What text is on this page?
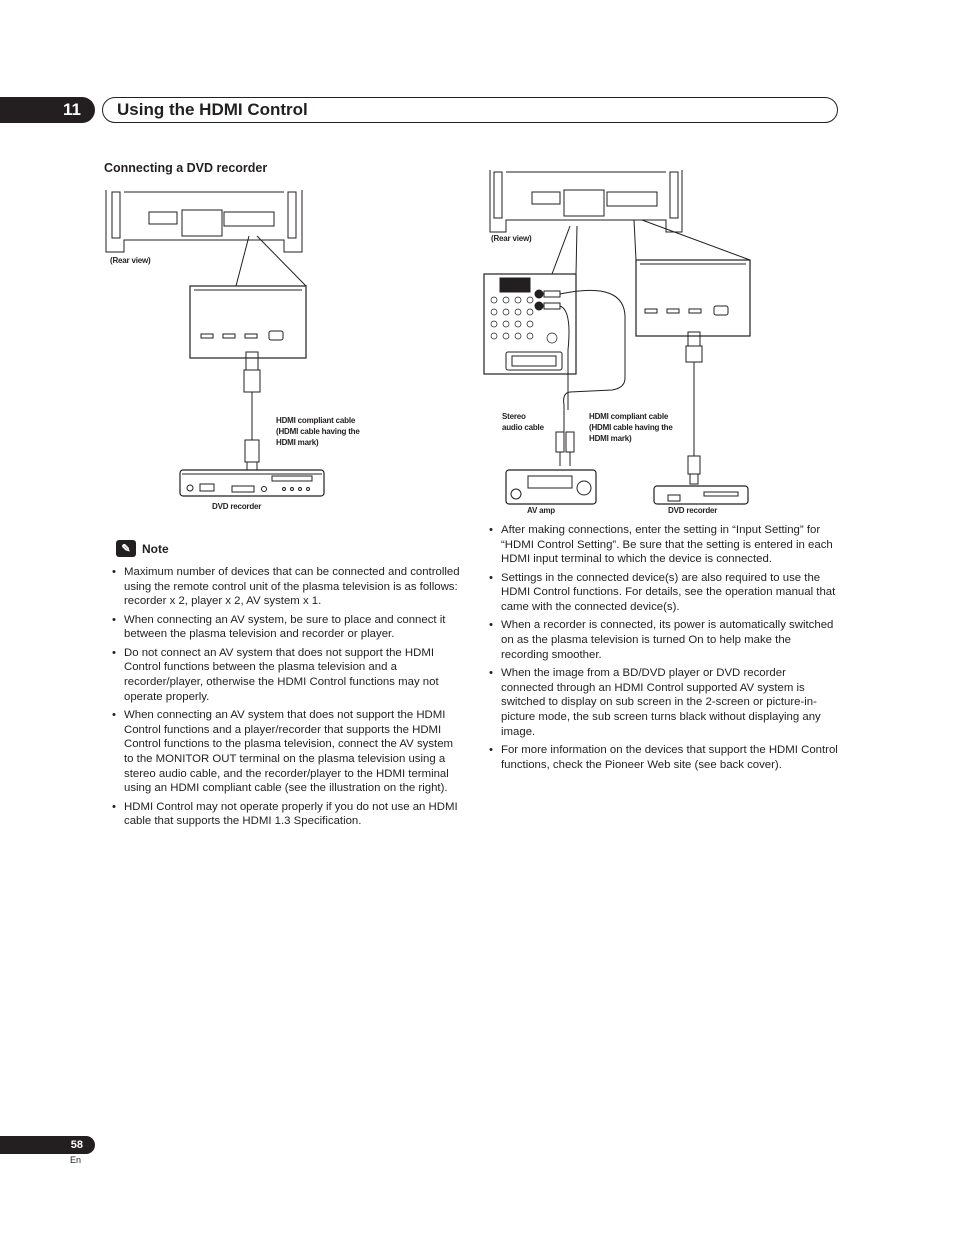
11 Using the HDMI Control
Connecting a DVD recorder
(Rear view)
HDMI compliant cable
(HDMI cable having the
HDMI mark)
DVD recorder
(Rear view)
Stereo
audio cable
HDMI compliant cable
(HDMI cable having the
HDMI mark)
AV amp	DVD recorder
✎ Note
• Maximum number of devices that can be connected and controlled using the remote control unit of the plasma television is as follows: recorder x 2, player x 2, AV system x 1.
• When connecting an AV system, be sure to place and connect it between the plasma television and recorder or player.
• Do not connect an AV system that does not support the HDMI Control functions between the plasma television and a recorder/player, otherwise the HDMI Control functions may not operate properly.
• When connecting an AV system that does not support the HDMI Control functions and a player/recorder that supports the HDMI Control functions to the plasma television, connect the AV system to the MONITOR OUT terminal on the plasma television using a stereo audio cable, and the recorder/player to the HDMI terminal using an HDMI compliant cable (see the illustration on the right).
• HDMI Control may not operate properly if you do not use an HDMI cable that supports the HDMI 1.3 Specification.
• After making connections, enter the setting in “Input Setting” for “HDMI Control Setting”. Be sure that the setting is entered in each HDMI input terminal to which the device is connected.
• Settings in the connected device(s) are also required to use the HDMI Control functions. For details, see the operation manual that came with the connected device(s).
• When a recorder is connected, its power is automatically switched on as the plasma television is turned On to help make the recording smoother.
• When the image from a BD/DVD player or DVD recorder connected through an HDMI Control supported AV system is switched to display on sub screen in the 2-screen or picture-in-picture mode, the sub screen turns black without displaying any image.
• For more information on the devices that support the HDMI Control functions, check the Pioneer Web site (see back cover).
58
En
